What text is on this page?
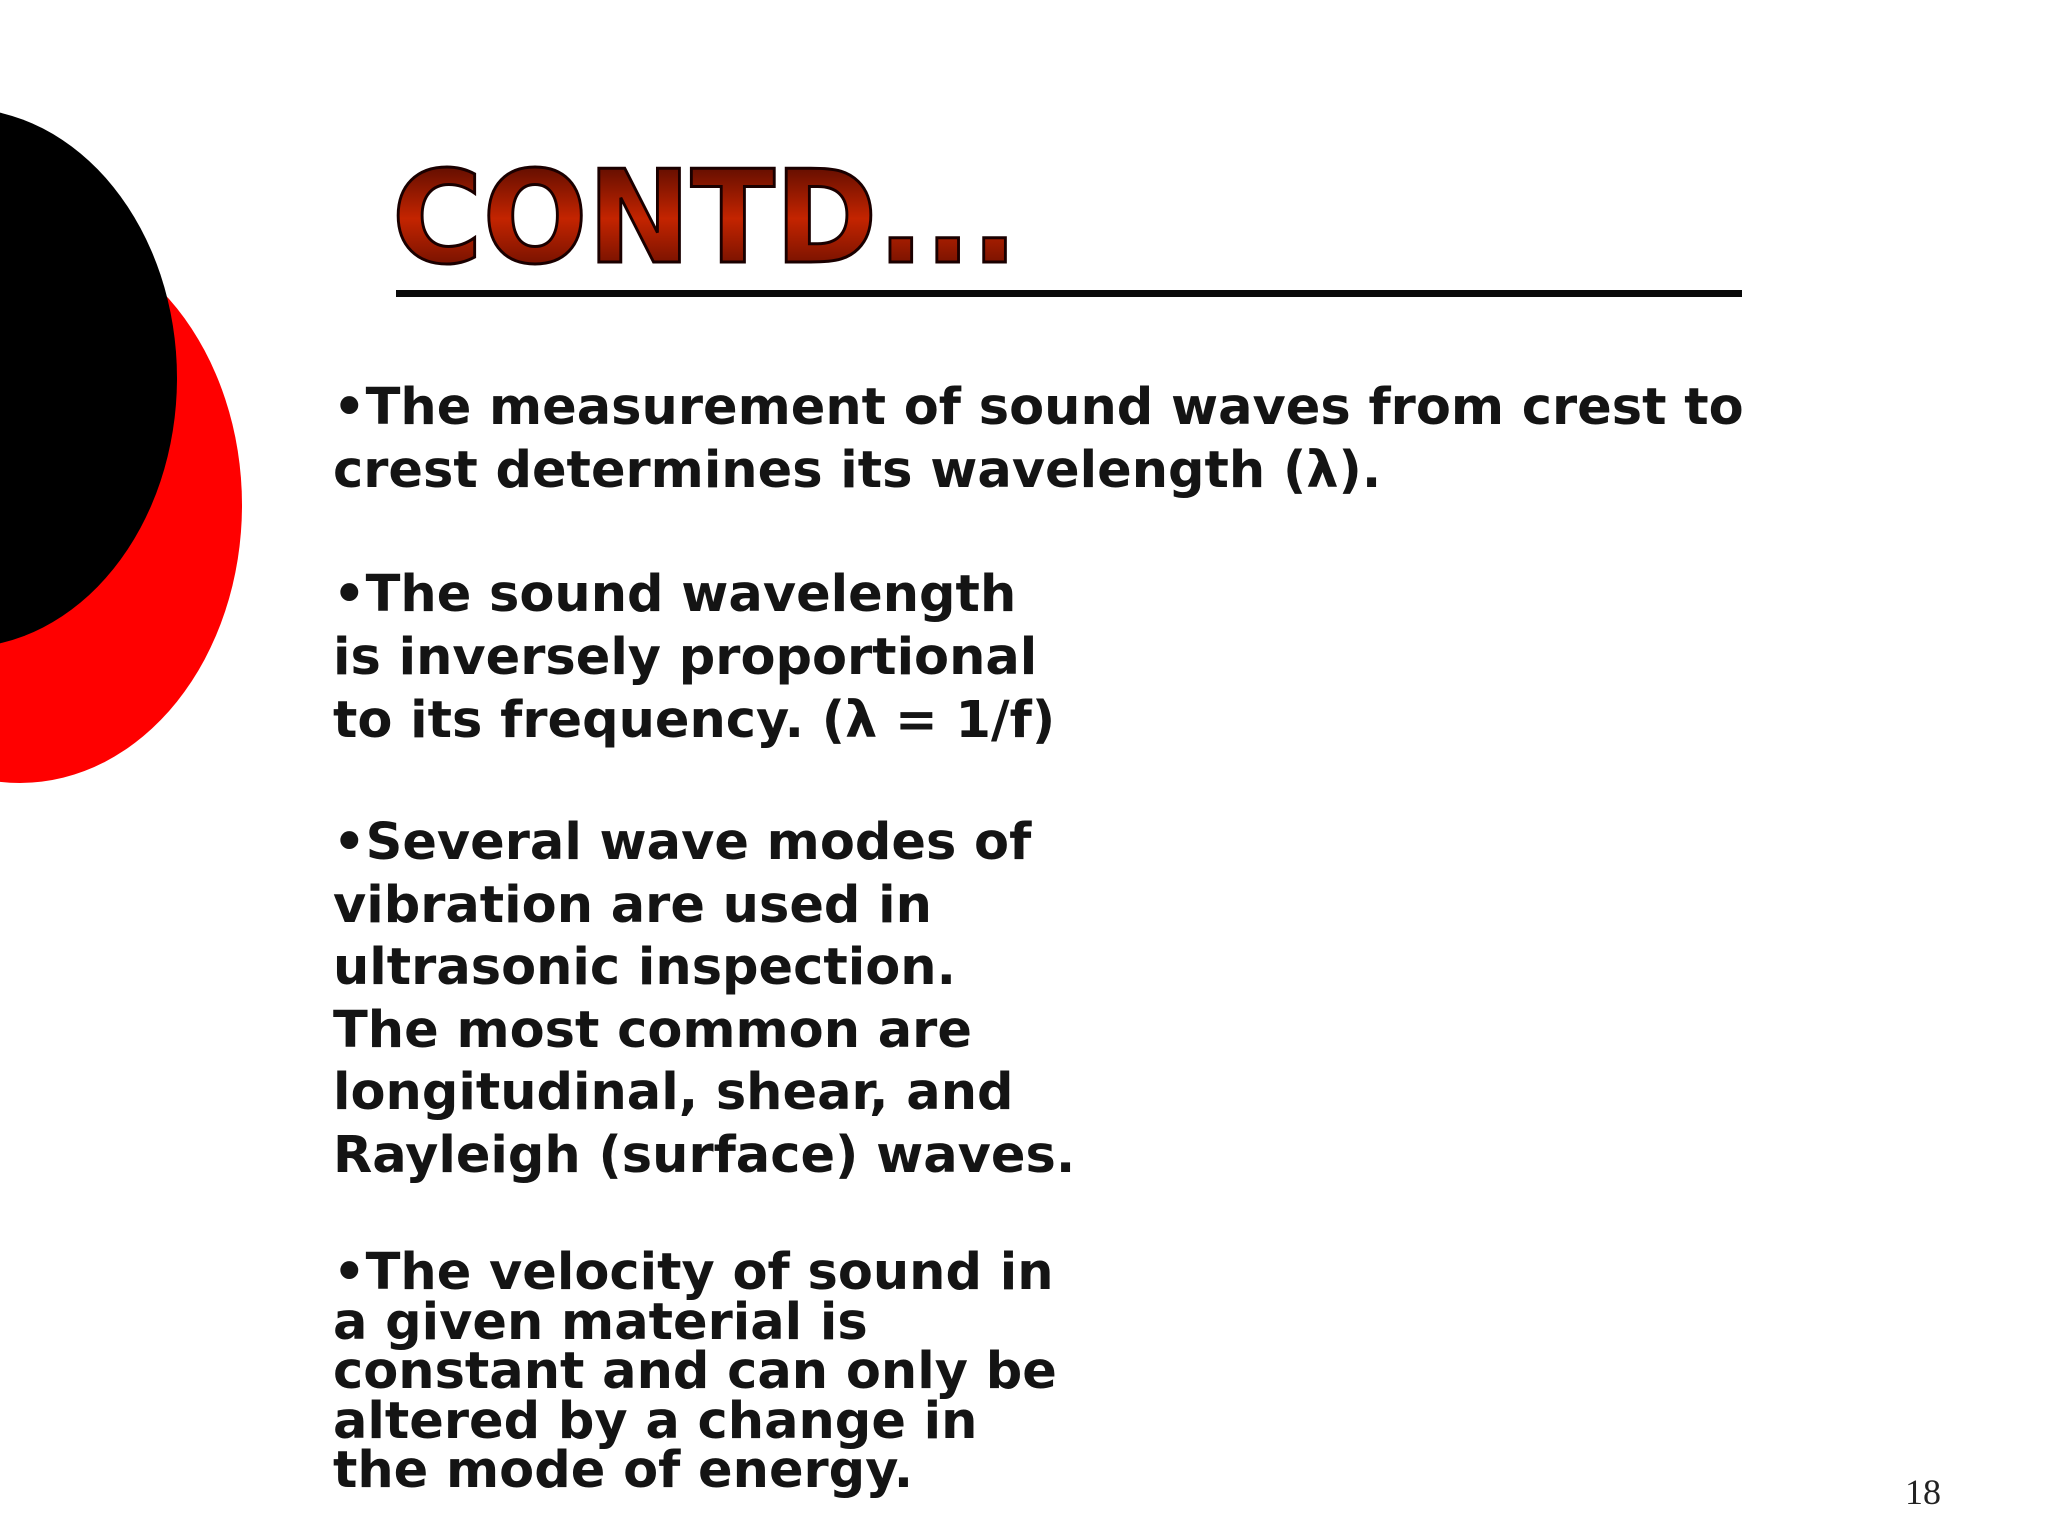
CONTD...

•The measurement of sound waves from crest to
crest determines its wavelength (λ).

•The sound wavelength
is inversely proportional
to its frequency. (λ = 1/f)

•Several wave modes of
vibration are used in
ultrasonic inspection.
The most common are
longitudinal, shear, and
Rayleigh (surface) waves.

•The velocity of sound in
a given material is
constant and can only be
altered by a change in
the mode of energy.	18
